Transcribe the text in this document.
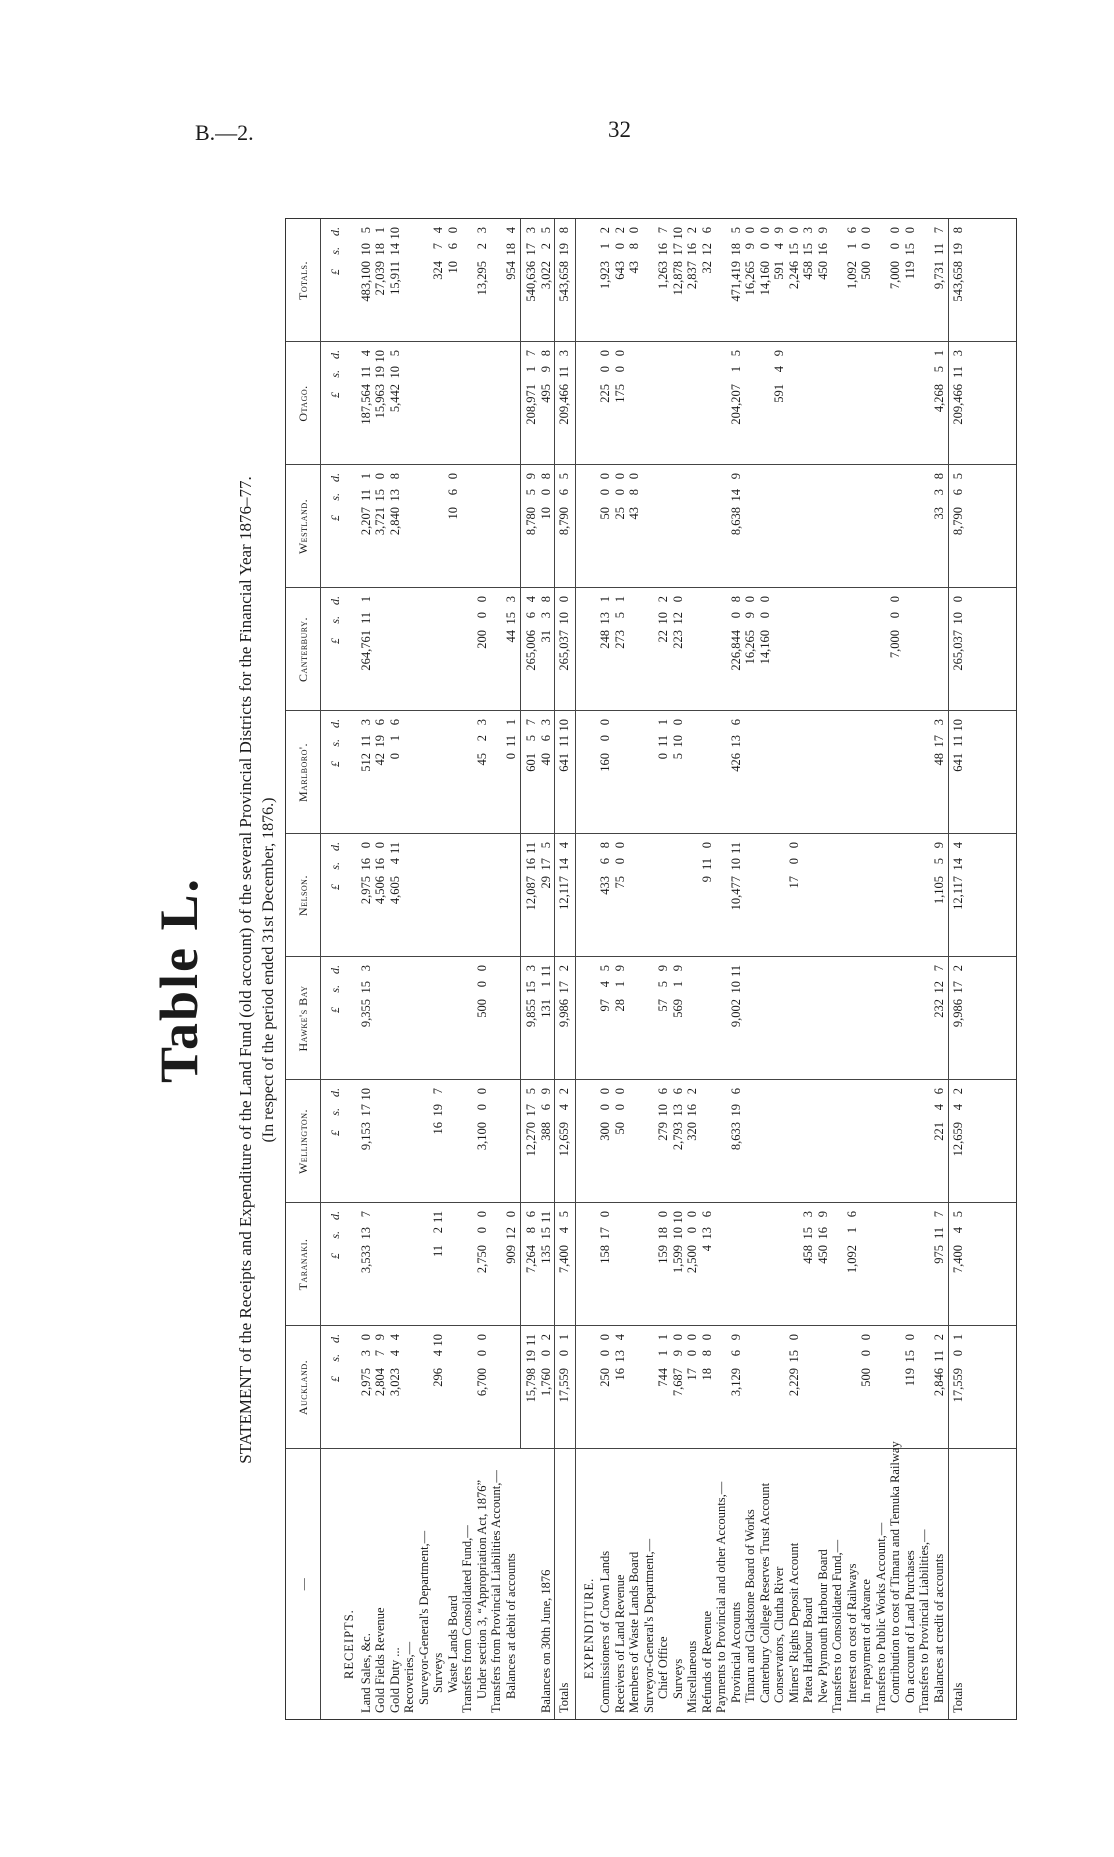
B.—2.	32
Table L. STATEMENT of the Receipts and Expenditure of the Land Fund (old account) of the several Provincial Districts for the Financial Year 1876–77. (In respect of the period ended 31st December, 1876.)
—
Auckland.
Taranaki.
Wellington.
Hawke's Bay
Nelson.
Marlboro'.
Canterbury.
Westland.
Otago.
Totals.
£s.d.
£s.d.
£s.d.
£s.d.
£s.d.
£s.d.
£s.d.
£s.d.
£s.d.
£s.d.
RECEIPTS. Land Sales, &c.
2,97530
3,533137
9,1531710
9,355153
2,975160
512113
264,761111
2,207111
187,564114
483,100105
Gold Fields Revenue
2,80479
4,506160
42196
3,721150
15,9631910
27,039181
Gold Duty ...
3,02344
4,605411
016
2,840138
5,442105
15,9111410
Recoveries,— Surveyor-General's Department,— Surveys
296410
11211
16197
32474
Waste Lands Board
1060
1060
Transfers from Consolidated Fund,— Under section 3, “Appropriation Act, 1876”
6,70000
2,75000
3,10000
50000
4523
20000
13,29523
Transfers from Provincial Liabilities Account,— Balances at debit of accounts
909120
0111
44153
954184
15,7981911
7,26486
12,270175
9,855153
12,0871611
60157
265,00664
8,78059
208,97117
540,636173
Balances on 30th June, 1876
1,76002
1351511
38869
131111
29175
4063
3138
1008
49598
3,02225
Totals
17,55901
7,40045
12,65942
9,986172
12,117144
6411110
265,037100
8,79065
209,466113
543,658198
EXPENDITURE. Commissioners of Crown Lands
25000
158170
30000
9745
43368
16000
248131
5000
22500
1,92312
Receivers of Land Revenue
16134
5000
2819
7500
27351
2500
17500
64302
Members of Waste Lands Board
4380
4380
Surveyor-General's Department,— Chief Office
74411
159180
279106
5759
0111
22102
1,263167
Surveys
7,68790
1,5991010
2,793136
56919
5100
223120
12,8781710
Miscellaneous
1700
2,50000
320162
2,837162
Refunds of Revenue
1880
4136
9110
32126
Payments to Provincial and other Accounts,— Provincial Accounts
3,12969
8,633196
9,0021011
10,4771011
426136
226,84408
8,638149
204,20715
471,419185
Timaru and Gladstone Board of Works
16,26590
16,26590
Canterbury College Reserves Trust Account
14,16000
14,16000
Conservators, Clutha River
59149
59149
Miners' Rights Deposit Account
2,229150
1700
2,246150
Patea Harbour Board
458153
458153
New Plymouth Harbour Board
450169
450169
Transfers to Consolidated Fund,— Interest on cost of Railways
1,09216
1,09216
In repayment of advance
50000
50000
Transfers to Public Works Account,— Contribution to cost of Timaru and Temuka Railway
7,00000
7,00000
On account of Land Purchases
119150
119150
Transfers to Provincial Liabilities,— Balances at credit of accounts
2,846112
975117
22146
232127
1,10559
48173
3338
4,26851
9,731117
Totals
17,55901
7,40045
12,65942
9,986172
12,117144
6411110
265,037100
8,79065
209,466113
543,658198
